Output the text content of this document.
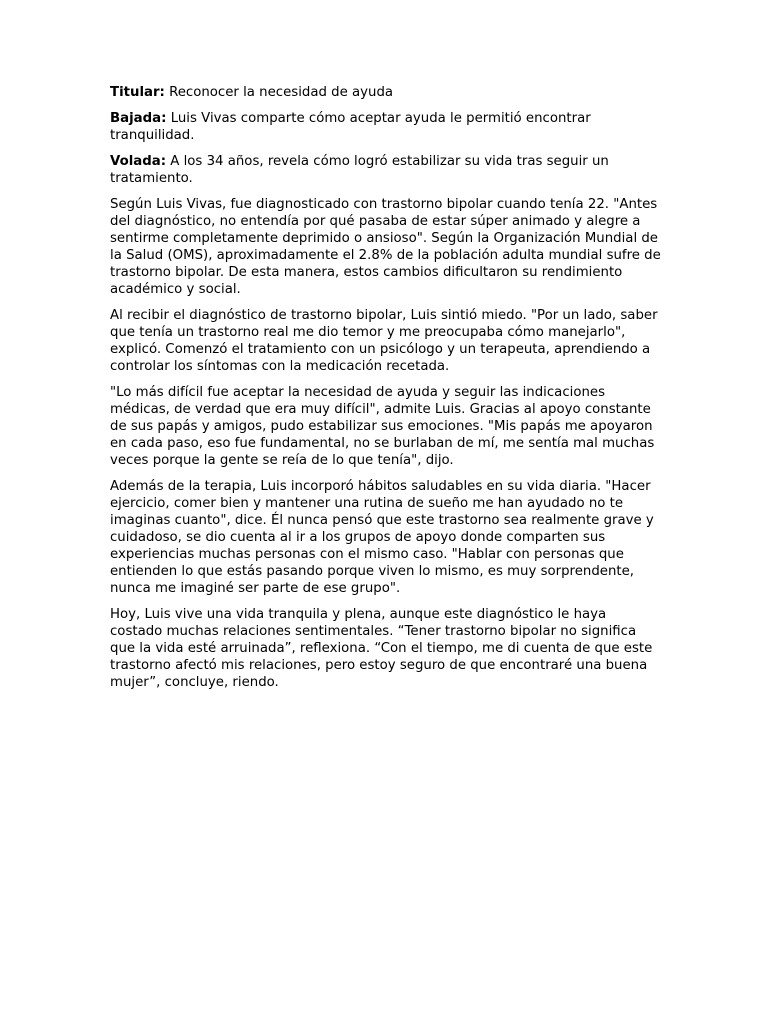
Titular: Reconocer la necesidad de ayuda

Bajada: Luis Vivas comparte cómo aceptar ayuda le permitió encontrar tranquilidad.

Volada: A los 34 años, revela cómo logró estabilizar su vida tras seguir un tratamiento.

Según Luis Vivas, fue diagnosticado con trastorno bipolar cuando tenía 22. "Antes del diagnóstico, no entendía por qué pasaba de estar súper animado y alegre a sentirme completamente deprimido o ansioso". Según la Organización Mundial de la Salud (OMS), aproximadamente el 2.8% de la población adulta mundial sufre de trastorno bipolar. De esta manera, estos cambios dificultaron su rendimiento académico y social.

Al recibir el diagnóstico de trastorno bipolar, Luis sintió miedo. "Por un lado, saber que tenía un trastorno real me dio temor y me preocupaba cómo manejarlo", explicó. Comenzó el tratamiento con un psicólogo y un terapeuta, aprendiendo a controlar los síntomas con la medicación recetada.

"Lo más difícil fue aceptar la necesidad de ayuda y seguir las indicaciones médicas, de verdad que era muy difícil", admite Luis. Gracias al apoyo constante de sus papás y amigos, pudo estabilizar sus emociones. "Mis papás me apoyaron en cada paso, eso fue fundamental, no se burlaban de mí, me sentía mal muchas veces porque la gente se reía de lo que tenía", dijo.

Además de la terapia, Luis incorporó hábitos saludables en su vida diaria. "Hacer ejercicio, comer bien y mantener una rutina de sueño me han ayudado no te imaginas cuanto", dice. Él nunca pensó que este trastorno sea realmente grave y cuidadoso, se dio cuenta al ir a los grupos de apoyo donde comparten sus experiencias muchas personas con el mismo caso. "Hablar con personas que entienden lo que estás pasando porque viven lo mismo, es muy sorprendente, nunca me imaginé ser parte de ese grupo".

Hoy, Luis vive una vida tranquila y plena, aunque este diagnóstico le haya costado muchas relaciones sentimentales. “Tener trastorno bipolar no significa que la vida esté arruinada”, reflexiona. “Con el tiempo, me di cuenta de que este trastorno afectó mis relaciones, pero estoy seguro de que encontraré una buena mujer”, concluye, riendo.
